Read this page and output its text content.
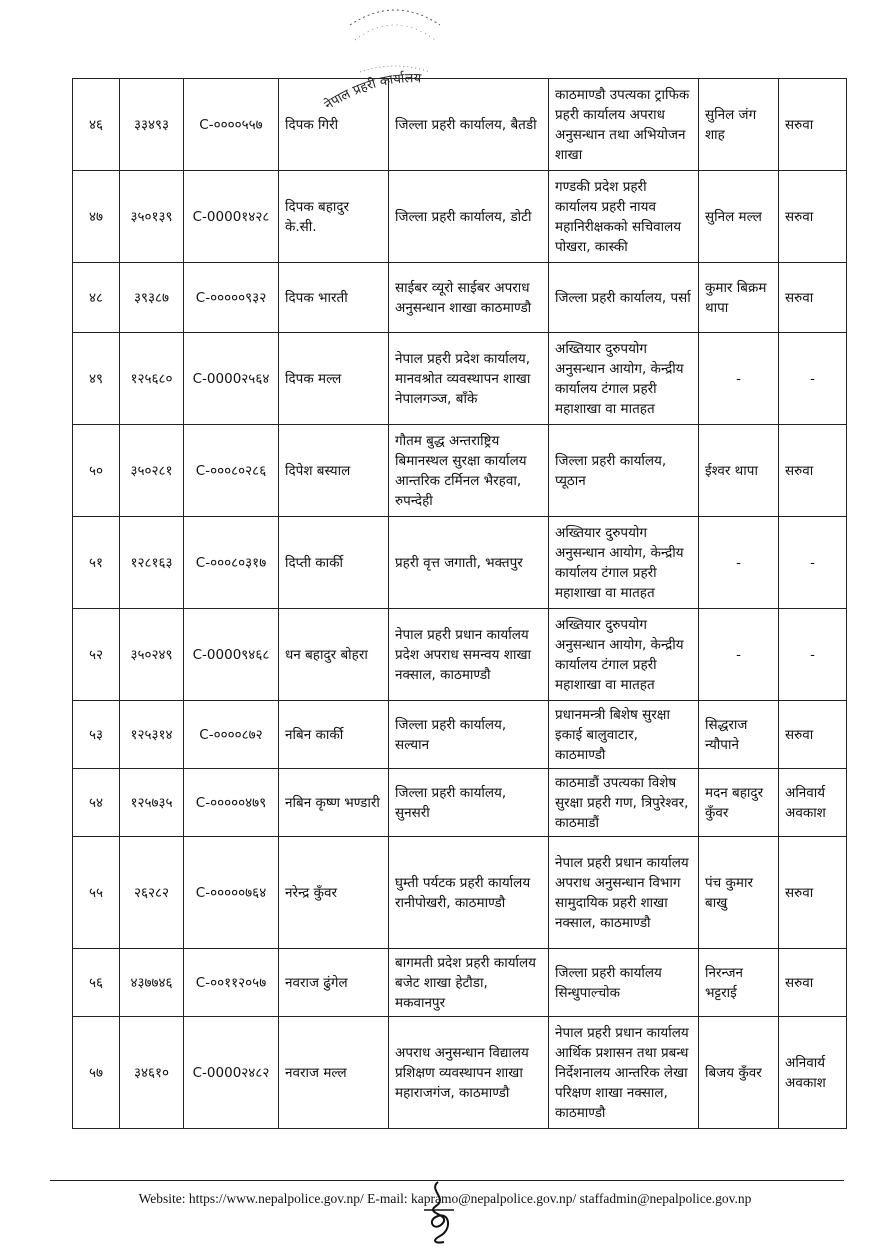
४६	३३४९३	C-००००५५७	दिपक गिरी	जिल्ला प्रहरी कार्यालय, बैतडी	काठमाण्डौ उपत्यका ट्राफिक प्रहरी कार्यालय अपराध अनुसन्धान तथा अभियोजन शाखा	सुनिल जंग शाह	सरुवा
४७	३५०१३९	C-0000१४२८	दिपक बहादुर के.सी.	जिल्ला प्रहरी कार्यालय, डोटी	गण्डकी प्रदेश प्रहरी कार्यालय प्रहरी नायव महानिरीक्षकको सचिवालय पोखरा, कास्की	सुनिल मल्ल	सरुवा
४८	३९३८७	C-०००००९३२	दिपक भारती	साईबर व्यूरो साईबर अपराध अनुसन्धान शाखा काठमाण्डौ	जिल्ला प्रहरी कार्यालय, पर्सा	कुमार बिक्रम थापा	सरुवा
४९	१२५६८०	C-0000२५६४	दिपक मल्ल	नेपाल प्रहरी प्रदेश कार्यालय, मानवश्रोत व्यवस्थापन शाखा नेपालगञ्ज, बाँके	अख्तियार दुरुपयोग अनुसन्धान आयोग, केन्द्रीय कार्यालय टंगाल प्रहरी महाशाखा वा मातहत	-	-
५०	३५०२८१	C-०००८०२८६	दिपेश बस्याल	गौतम बुद्ध अन्तराष्ट्रिय बिमानस्थल सुरक्षा कार्यालय आन्तरिक टर्मिनल भैरहवा, रुपन्देही	जिल्ला प्रहरी कार्यालय, प्यूठान	ईश्वर थापा	सरुवा
५१	१२८१६३	C-०००८०३१७	दिप्ती कार्की	प्रहरी वृत्त जगाती, भक्तपुर	अख्तियार दुरुपयोग अनुसन्धान आयोग, केन्द्रीय कार्यालय टंगाल प्रहरी महाशाखा वा मातहत	-	-
५२	३५०२४९	C-0000९४६८	धन बहादुर बोहरा	नेपाल प्रहरी प्रधान कार्यालय प्रदेश अपराध समन्वय शाखा नक्साल, काठमाण्डौ	अख्तियार दुरुपयोग अनुसन्धान आयोग, केन्द्रीय कार्यालय टंगाल प्रहरी महाशाखा वा मातहत	-	-
५३	१२५३१४	C-००००८७२	नबिन कार्की	जिल्ला प्रहरी कार्यालय, सल्यान	प्रधानमन्त्री बिशेष सुरक्षा इकाई बालुवाटार, काठमाण्डौ	सिद्धराज न्यौपाने	सरुवा
५४	१२५७३५	C-०००००४७९	नबिन कृष्ण भण्डारी	जिल्ला प्रहरी कार्यालय, सुनसरी	काठमाडौं उपत्यका विशेष सुरक्षा प्रहरी गण, त्रिपुरेश्वर, काठमाडौं	मदन बहादुर कुँवर	अनिवार्य अवकाश
५५	२६२८२	C-०००००७६४	नरेन्द्र कुँवर	घुम्ती पर्यटक प्रहरी कार्यालय रानीपोखरी, काठमाण्डौ	नेपाल प्रहरी प्रधान कार्यालय अपराध अनुसन्धान विभाग सामुदायिक प्रहरी शाखा नक्साल, काठमाण्डौ	पंच कुमार बाखु	सरुवा
५६	४३७७४६	C-००११२०५७	नवराज ढुंगेल	बागमती प्रदेश प्रहरी कार्यालय बजेट शाखा हेटौडा, मकवानपुर	जिल्ला प्रहरी कार्यालय सिन्धुपाल्चोक	निरन्जन भट्टराई	सरुवा
५७	३४६१०	C-0000२४८२	नवराज मल्ल	अपराध अनुसन्धान विद्यालय प्रशिक्षण व्यवस्थापन शाखा महाराजगंज, काठमाण्डौ	नेपाल प्रहरी प्रधान कार्यालय आर्थिक प्रशासन तथा प्रबन्ध निर्देशनालय आन्तरिक लेखा परिक्षण शाखा नक्साल, काठमाण्डौ	बिजय कुँवर	अनिवार्य अवकाश
नेपाल प्रहरी कार्यालय
Website: https://www.nepalpolice.gov.np/ E-mail: kapramo@nepalpolice.gov.np/ staffadmin@nepalpolice.gov.np
